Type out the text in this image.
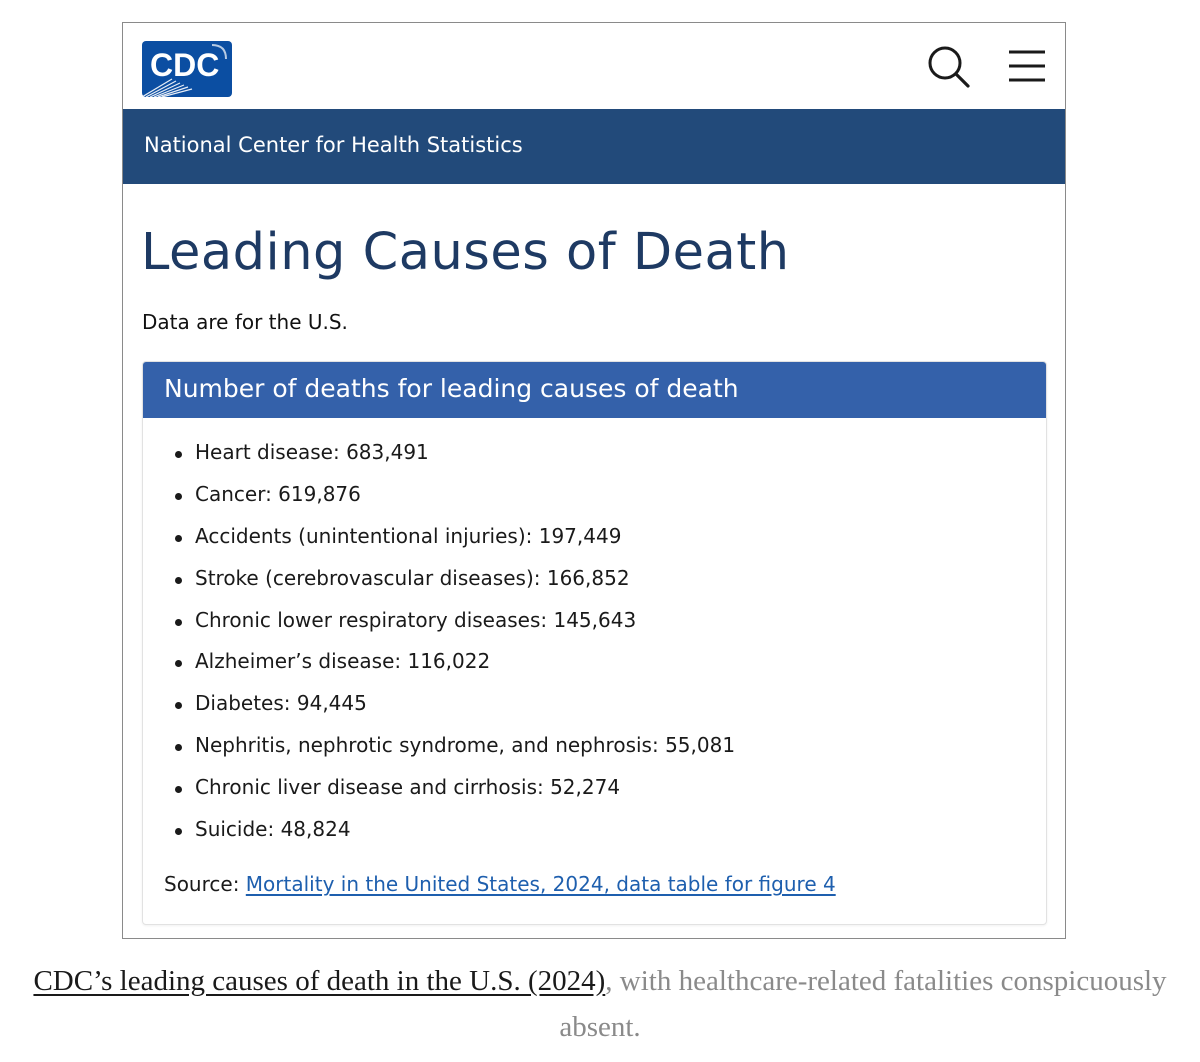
CDC
National Center for Health Statistics
Leading Causes of Death
Data are for the U.S.
Number of deaths for leading causes of death
Heart disease: 683,491
Cancer: 619,876
Accidents (unintentional injuries): 197,449
Stroke (cerebrovascular diseases): 166,852
Chronic lower respiratory diseases: 145,643
Alzheimer’s disease: 116,022
Diabetes: 94,445
Nephritis, nephrotic syndrome, and nephrosis: 55,081
Chronic liver disease and cirrhosis: 52,274
Suicide: 48,824
Source: Mortality in the United States, 2024, data table for figure 4
CDC’s leading causes of death in the U.S. (2024), with healthcare-related fatalities conspicuously absent.
